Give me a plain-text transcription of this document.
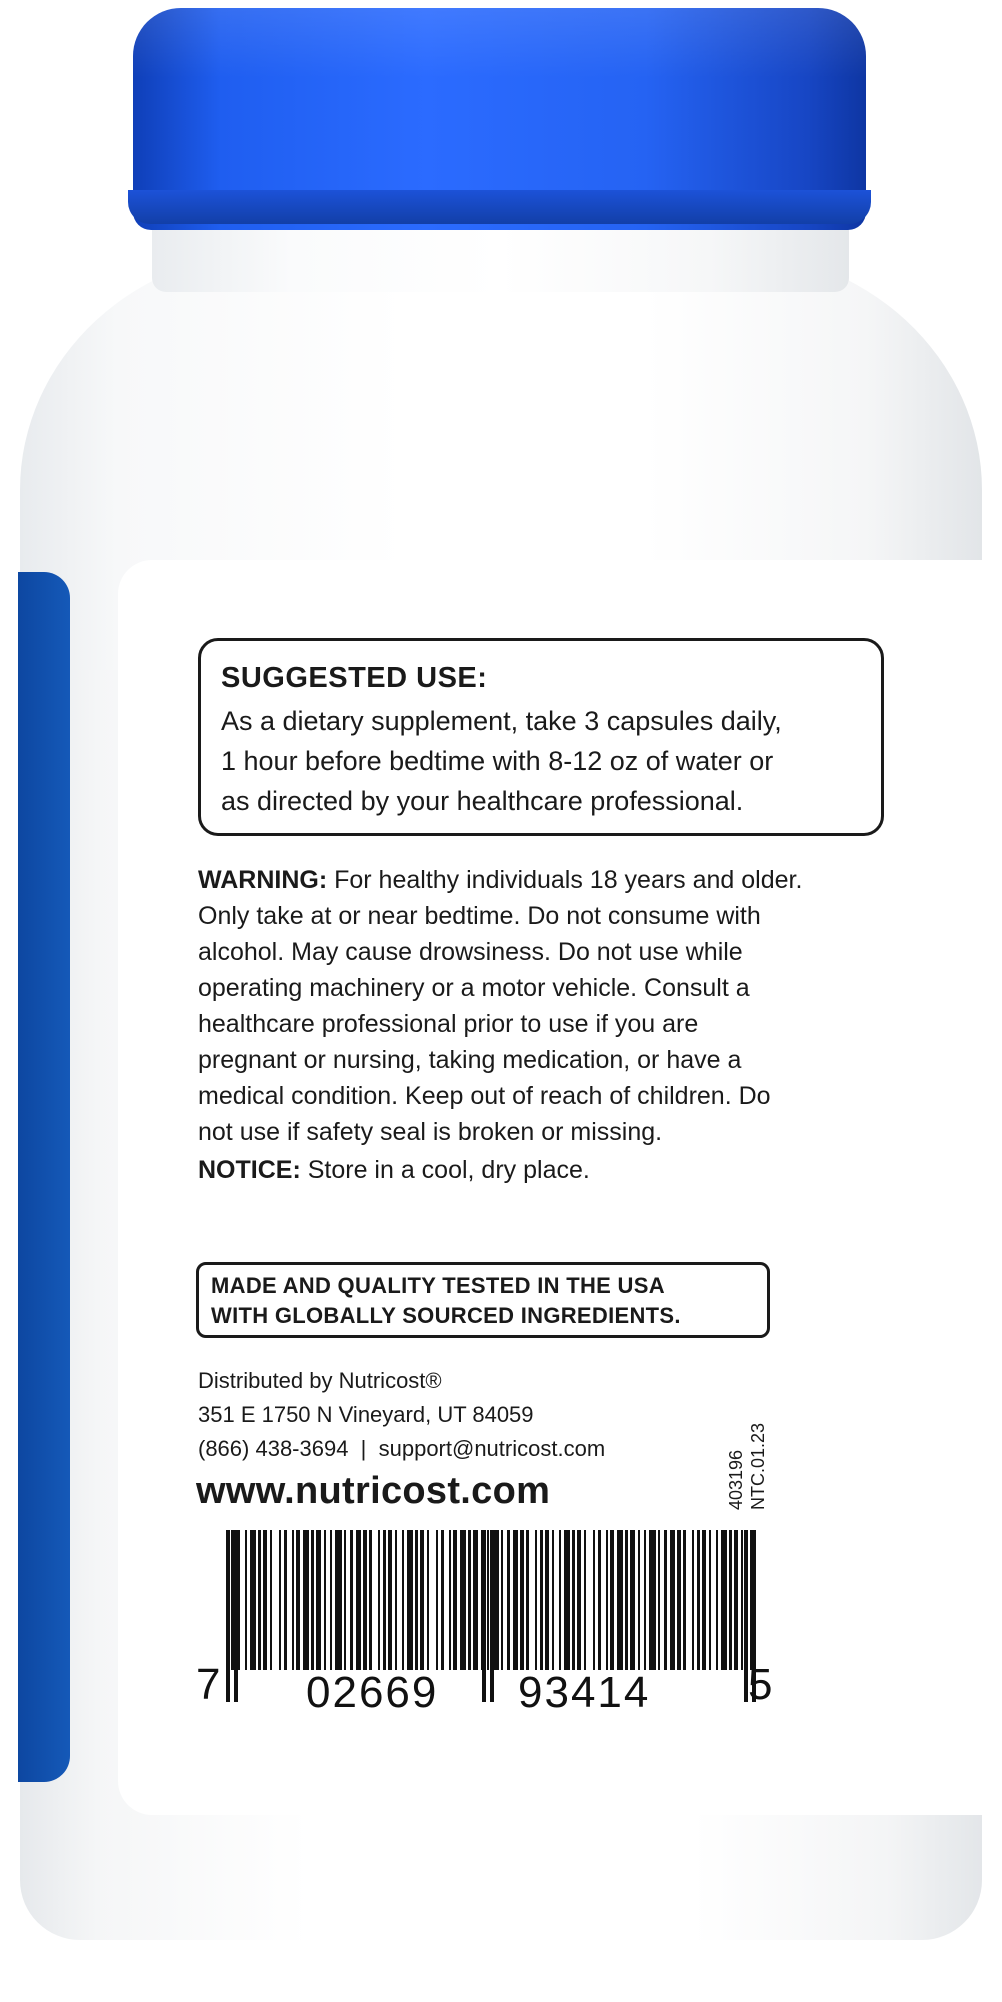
SUGGESTED USE:
As a dietary supplement, take 3 capsules daily,
1 hour before bedtime with 8-12 oz of water or
as directed by your healthcare professional.
WARNING: For healthy individuals 18 years and older.
Only take at or near bedtime. Do not consume with
alcohol. May cause drowsiness. Do not use while
operating machinery or a motor vehicle. Consult a
healthcare professional prior to use if you are
pregnant or nursing, taking medication, or have a
medical condition. Keep out of reach of children. Do
not use if safety seal is broken or missing.
NOTICE: Store in a cool, dry place.
MADE AND QUALITY TESTED IN THE USA
WITH GLOBALLY SOURCED INGREDIENTS.
Distributed by Nutricost®
351 E 1750 N Vineyard, UT 84059
(866) 438-3694  |  support@nutricost.com
www.nutricost.com	403196 NTC.01.23
7 02669 93414 5
